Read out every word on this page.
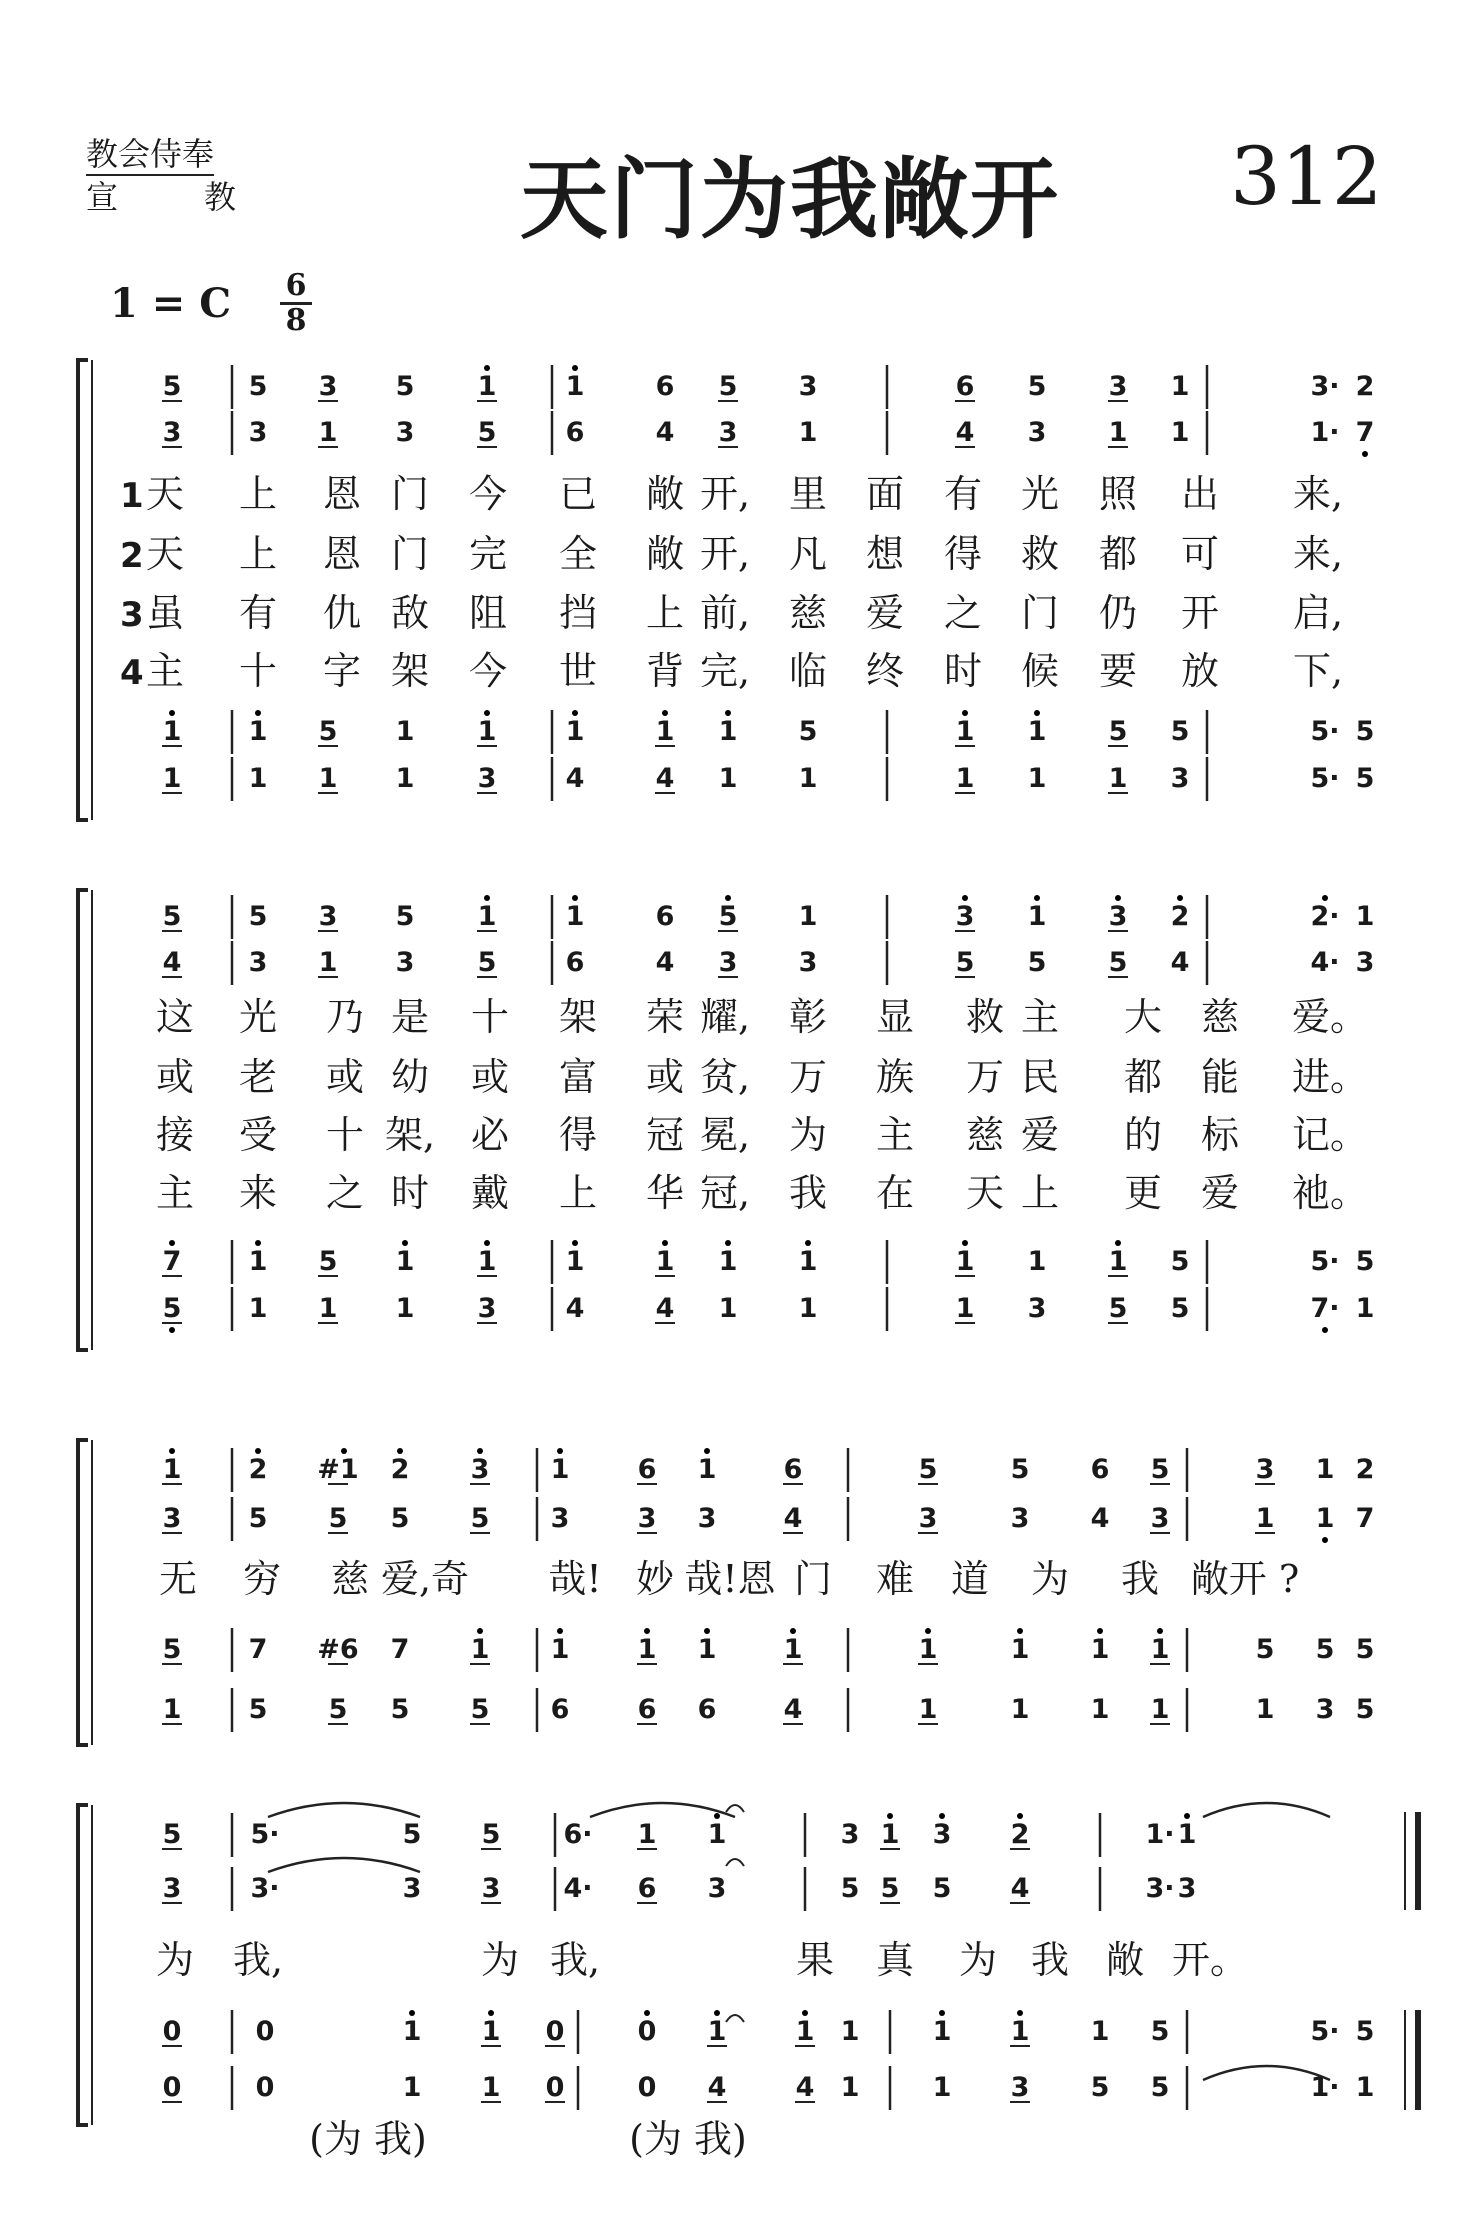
教会侍奉
宣	教	天门为我敞开 312
1 = C 6
8
5 5 3 5 1	1	6 5 3	6 5 3 1	3· 2
3 3 1 3 5	6	4 3 1	4 3 1 1	1· 7
1 1 5 1 1	1	1 1 5	1 1 5 5	5· 5
1 1 1 1 3	4	4 1 1	1 1 1 3	5· 5
1 天 上 恩 门 今 已 敞 开, 里 面 有 光 照 出 来,
2 天 上 恩 门 完 全 敞 开, 凡 想 得 救 都 可 来,
3 虽 有 仇 敌 阻 挡 上 前, 慈 爱 之 门 仍 开 启,
4 主 十 字 架 今 世 背 完, 临 终 时 候 要 放 下,
5 5 3 5 1	1	6 5 1	3 1 3 2	2· 1
4 3 1 3 5	6	4 3 3	5 5 5 4	4· 3
7 1 5 1 1	1	1 1 1	1 1 1 5	5· 5
5 1 1 1 3	4	4 1 1	1 3 5 5	7· 1
这 光 乃 是 十 架 荣 耀, 彰 显 救 主 大 慈 爱。
或 老 或 幼 或 富 或 贫, 万 族 万 民 都 能 进。
接 受 十 架, 必 得 冠 冕, 为 主 慈 爱 的 标 记。
主 来 之 时 戴 上 华 冠, 我 在 天 上 更 爱 祂。
1 2 #1 2 3 1	6 1 6	5	5 6 5	3 1 2
3 5 5 5 5 3	3 3 4	3	3 4 3	1 1 7
5 7 #6 7 1 1	1 1 1	1	1 1 1	5 5 5
1 5 5 5 5 6	6 6 4	1	1 1 1	1 3 5
无 穷 慈 爱,奇 哉! 妙 哉!恩 门 难 道 为 我 敞开 ?
5	5·	5 5 6· 1 1	3 1 3 2	1· 1
3	3·	3 3 4· 6 3	5 5 5 4	3· 3
0	0	1 1 0	0 1	1 1	1 1 1 5	5· 5
0	0	1 1 0	0 4	4 1	1 3 5 5	1· 1
为 我,	为 我,	果 真 为 我 敞 开。
(为 我)	(为 我)
